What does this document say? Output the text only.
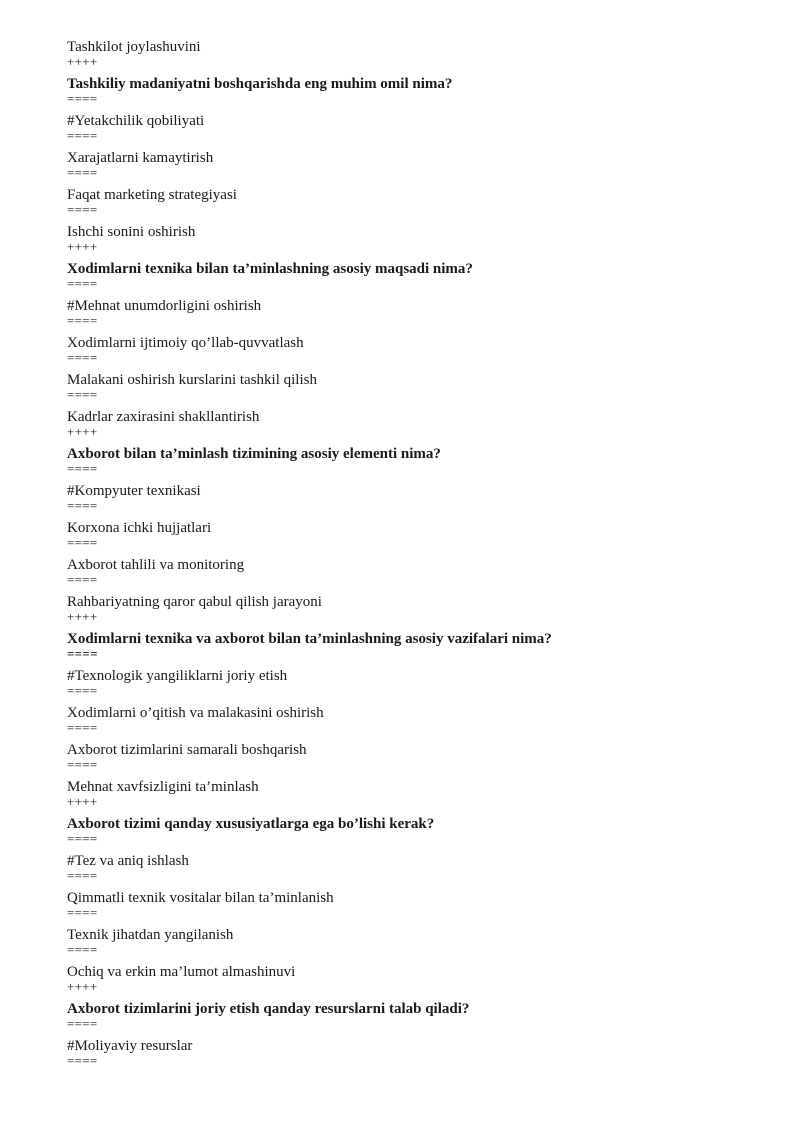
Tashkilot joylashuvini
++++
Tashkiliy madaniyatni boshqarishda eng muhim omil nima?
====
#Yetakchilik qobiliyati
====
Xarajatlarni kamaytirish
====
Faqat marketing strategiyasi
====
Ishchi sonini oshirish
++++
Xodimlarni texnika bilan ta’minlashning asosiy maqsadi nima?
====
#Mehnat unumdorligini oshirish
====
Xodimlarni ijtimoiy qo’llab-quvvatlash
====
Malakani oshirish kurslarini tashkil qilish
====
Kadrlar zaxirasini shakllantirish
++++
Axborot bilan ta’minlash tizimining asosiy elementi nima?
====
#Kompyuter texnikasi
====
Korxona ichki hujjatlari
====
Axborot tahlili va monitoring
====
Rahbariyatning qaror qabul qilish jarayoni
++++
Xodimlarni texnika va axborot bilan ta’minlashning asosiy vazifalari nima?
====
#Texnologik yangiliklarni joriy etish
====
Xodimlarni o’qitish va malakasini oshirish
====
Axborot tizimlarini samarali boshqarish
====
Mehnat xavfsizligini ta’minlash
++++
Axborot tizimi qanday xususiyatlarga ega bo’lishi kerak?
====
#Tez va aniq ishlash
====
Qimmatli texnik vositalar bilan ta’minlanish
====
Texnik jihatdan yangilanish
====
Ochiq va erkin ma’lumot almashinuvi
++++
Axborot tizimlarini joriy etish qanday resurslarni talab qiladi?
====
#Moliyaviy resurslar
====
